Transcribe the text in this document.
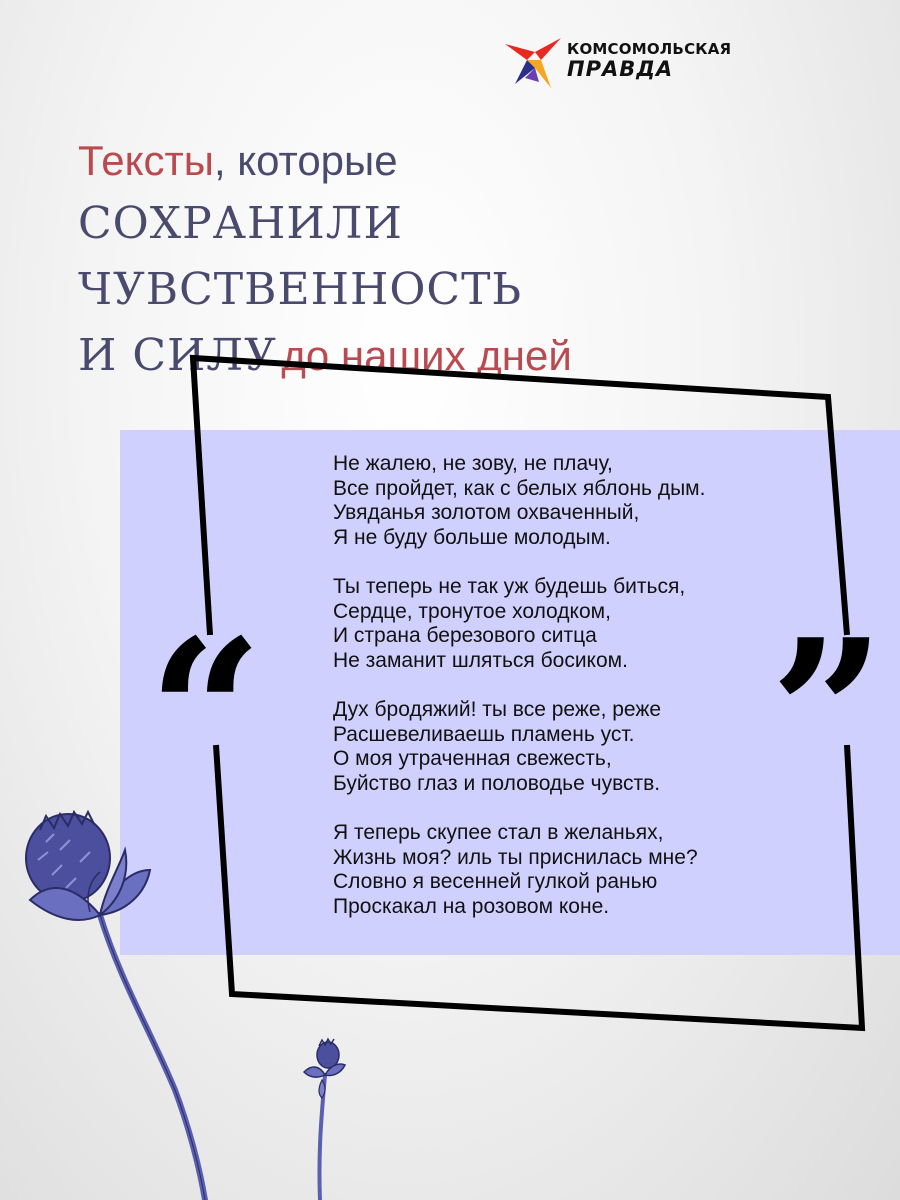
КОМСОМОЛЬСКАЯ
ПРАВДА
Тексты, которые
СОХРАНИЛИ
ЧУВСТВЕННОСТЬ
И СИЛУ до наших дней
“	”
Не жалею, не зову, не плачу,
Все пройдет, как с белых яблонь дым.
Увяданья золотом охваченный,
Я не буду больше молодым.
Ты теперь не так уж будешь биться,
Сердце, тронутое холодком,
И страна березового ситца
Не заманит шляться босиком.
Дух бродяжий! ты все реже, реже
Расшевеливаешь пламень уст.
О моя утраченная свежесть,
Буйство глаз и половодье чувств.
Я теперь скупее стал в желаньях,
Жизнь моя? иль ты приснилась мне?
Словно я весенней гулкой ранью
Проскакал на розовом коне.
